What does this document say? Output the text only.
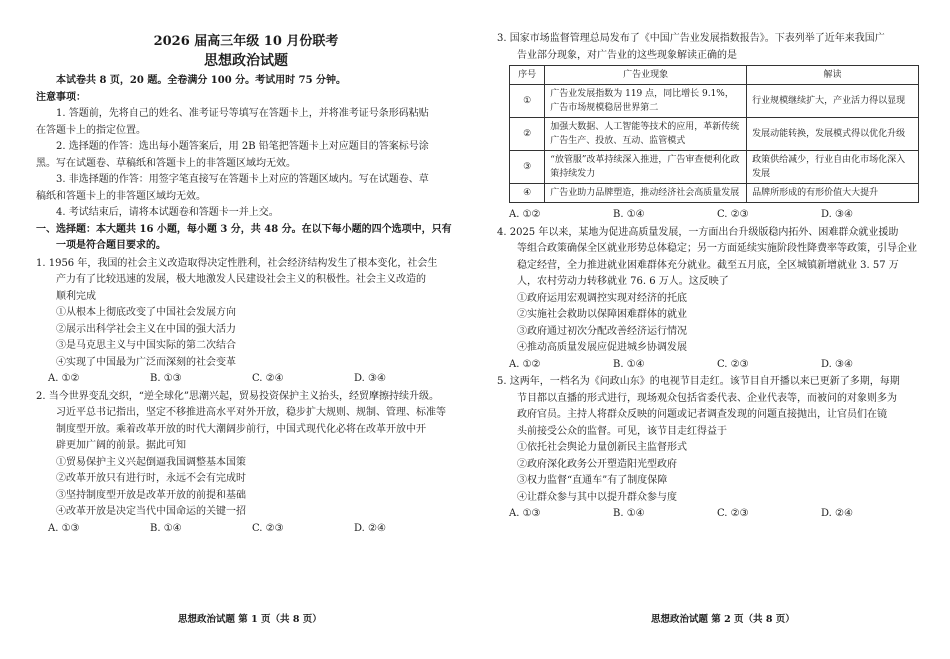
2026 届高三年级 10 月份联考
思想政治试题
本试卷共 8 页，20 题。全卷满分 100 分。考试用时 75 分钟。
注意事项：
1. 答题前，先将自己的姓名、准考证号等填写在答题卡上，并将准考证号条形码粘贴
在答题卡上的指定位置。
2. 选择题的作答：选出每小题答案后，用 2B 铅笔把答题卡上对应题目的答案标号涂
黑。写在试题卷、草稿纸和答题卡上的非答题区域均无效。
3. 非选择题的作答：用签字笔直接写在答题卡上对应的答题区域内。写在试题卷、草
稿纸和答题卡上的非答题区域均无效。
4. 考试结束后，请将本试题卷和答题卡一并上交。
一、选择题：本大题共 16 小题，每小题 3 分，共 48 分。在以下每小题的四个选项中，只有
一项是符合题目要求的。
1. 1956 年，我国的社会主义改造取得决定性胜利，社会经济结构发生了根本变化，社会生
产力有了比较迅速的发展，极大地激发人民建设社会主义的积极性。社会主义改造的
顺利完成
①从根本上彻底改变了中国社会发展方向
②展示出科学社会主义在中国的强大活力
③是马克思主义与中国实际的第二次结合
④实现了中国最为广泛而深刻的社会变革
A. ①②	B. ①③	C. ②④	D. ③④
2. 当今世界变乱交织，“逆全球化”思潮兴起，贸易投资保护主义抬头，经贸摩擦持续升级。
习近平总书记指出，坚定不移推进高水平对外开放，稳步扩大规则、规制、管理、标准等
制度型开放。乘着改革开放的时代大潮阔步前行，中国式现代化必将在改革开放中开
辟更加广阔的前景。据此可知
①贸易保护主义兴起倒逼我国调整基本国策
②改革开放只有进行时，永远不会有完成时
③坚持制度型开放是改革开放的前提和基础
④改革开放是决定当代中国命运的关键一招
A. ①③	B. ①④	C. ②③	D. ②④
思想政治试题 第 1 页（共 8 页）
3. 国家市场监督管理总局发布了《中国广告业发展指数报告》。下表列举了近年来我国广
告业部分现象，对广告业的这些现象解读正确的是
序号	广告业现象	解读
①	广告业发展指数为 119 点，同比增长 9.1%，广告市场规模稳居世界第二	行业规模继续扩大，产业活力得以显现
②	加强大数据、人工智能等技术的应用，革新传统广告生产、投放、互动、监管模式	发展动能转换，发展模式得以优化升级
③	“放管服”改革持续深入推进，广告审查便利化政策持续发力	政策供给减少，行业自由化市场化深入发展
④	广告业助力品牌塑造，推动经济社会高质量发展	品牌所形成的有形价值大大提升
A. ①②	B. ①④	C. ②③	D. ③④
4. 2025 年以来，某地为促进高质量发展，一方面出台升级版稳内拓外、困难群众就业援助
等组合政策确保全区就业形势总体稳定；另一方面延续实施阶段性降费率等政策，引导企业
稳定经营，全力推进就业困难群体充分就业。截至五月底，全区城镇新增就业 3. 57 万
人，农村劳动力转移就业 76. 6 万人。这反映了
①政府运用宏观调控实现对经济的托底
②实施社会救助以保障困难群体的就业
③政府通过初次分配改善经济运行情况
④推动高质量发展应促进城乡协调发展
A. ①②	B. ①④	C. ②③	D. ③④
5. 这两年，一档名为《问政山东》的电视节目走红。该节目自开播以来已更新了多期，每期
节目都以直播的形式进行，现场观众包括省委代表、企业代表等，而被问的对象则多为
政府官员。主持人将群众反映的问题或记者调查发现的问题直接抛出，让官员们在镜
头前接受公众的监督。可见，该节目走红得益于
①依托社会舆论力量创新民主监督形式
②政府深化政务公开塑造阳光型政府
③权力监督“直通车”有了制度保障
④让群众参与其中以提升群众参与度
A. ①③	B. ①④	C. ②③	D. ②④
思想政治试题 第 2 页（共 8 页）
